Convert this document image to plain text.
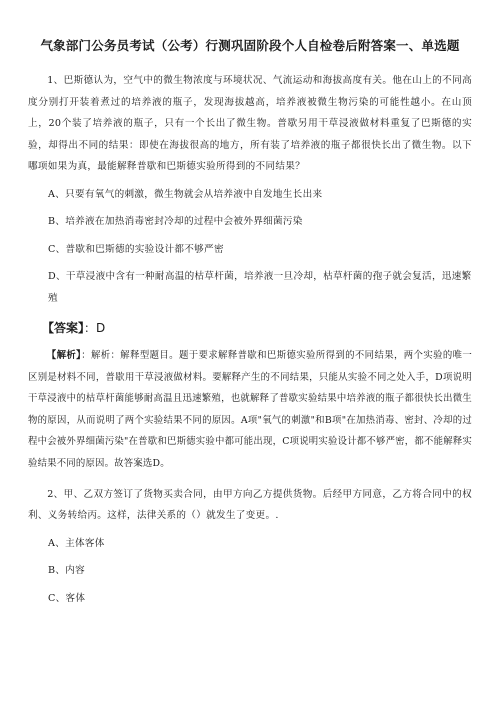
气象部门公务员考试（公考）行测巩固阶段个人自检卷后附答案一、单选题

1、巴斯德认为，空气中的微生物浓度与环境状况、气流运动和海拔高度有关。他在山上的不同高度分别打开装着煮过的培养液的瓶子，发现海拔越高，培养液被微生物污染的可能性越小。在山顶上，20个装了培养液的瓶子，只有一个长出了微生物。普歇另用干草浸液做材料重复了巴斯德的实验，却得出不同的结果：即使在海拔很高的地方，所有装了培养液的瓶子都很快长出了微生物。以下哪项如果为真，最能解释普歇和巴斯德实验所得到的不同结果？

A、只要有氧气的刺激，微生物就会从培养液中自发地生长出来
B、培养液在加热消毒密封冷却的过程中会被外界细菌污染
C、普歇和巴斯德的实验设计都不够严密
D、干草浸液中含有一种耐高温的枯草杆菌，培养液一旦冷却，枯草杆菌的孢子就会复活，迅速繁殖
【答案】：D

【解析】：解析：解释型题目。题于要求解释普歇和巴斯德实验所得到的不同结果，两个实验的唯一区别是材料不同，普歇用干草浸液做材料。要解释产生的不同结果，只能从实验不同之处入手，D项说明干草浸液中的枯草杆菌能够耐高温且迅速繁殖，也就解释了普歇实验结果中培养液的瓶子都很快长出微生物的原因，从而说明了两个实验结果不同的原因。A项"氧气的刺激"和B项"在加热消毒、密封、冷却的过程中会被外界细菌污染"在普歇和巴斯德实验中都可能出现，C项说明实验设计都不够严密，都不能解释实验结果不同的原因。故答案选D。

2、甲、乙双方签订了货物买卖合同，由甲方向乙方提供货物。后经甲方同意，乙方将合同中的权利、义务转给丙。这样，法律关系的（）就发生了变更。.

A、主体客体
B、内容
C、客体
